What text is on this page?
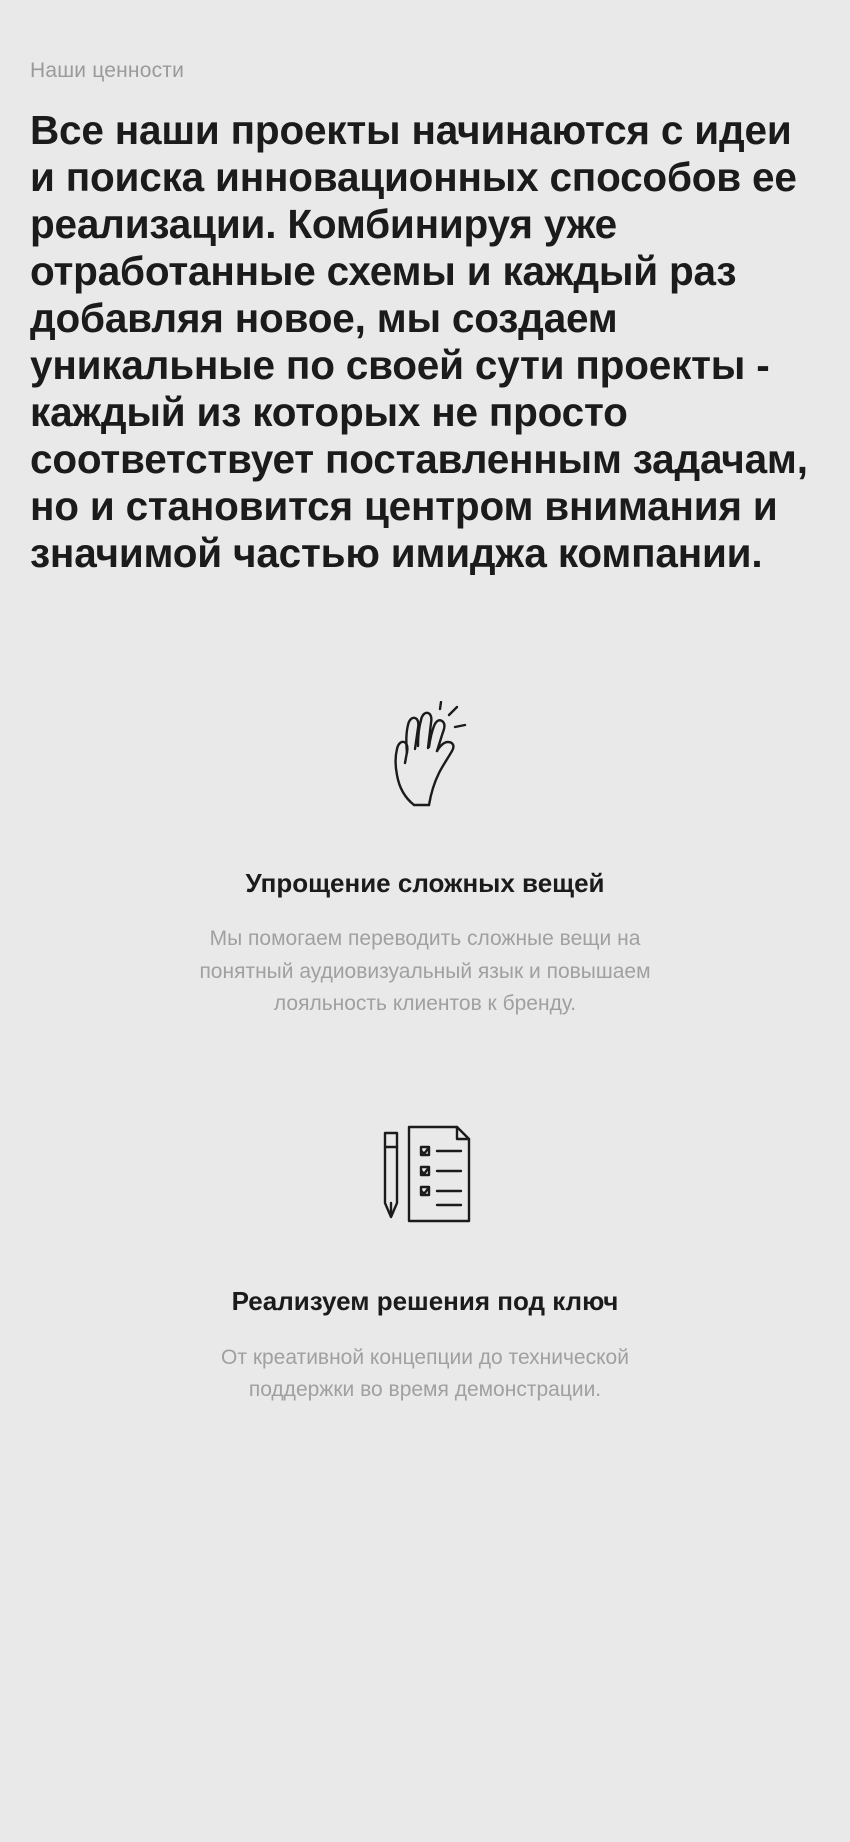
Наши ценности
Все наши проекты начинаются с идеи и поиска инновационных способов ее реализации. Комбинируя уже отработанные схемы и каждый раз добавляя новое, мы создаем уникальные по своей сути проекты - каждый из которых не просто соответствует поставленным задачам, но и становится центром внимания и значимой частью имиджа компании.
Упрощение сложных вещей

Мы помогаем переводить сложные вещи на понятный аудиовизуальный язык и повышаем лояльность клиентов к бренду.

Реализуем решения под ключ

От креативной концепции до технической поддержки во время демонстрации.
